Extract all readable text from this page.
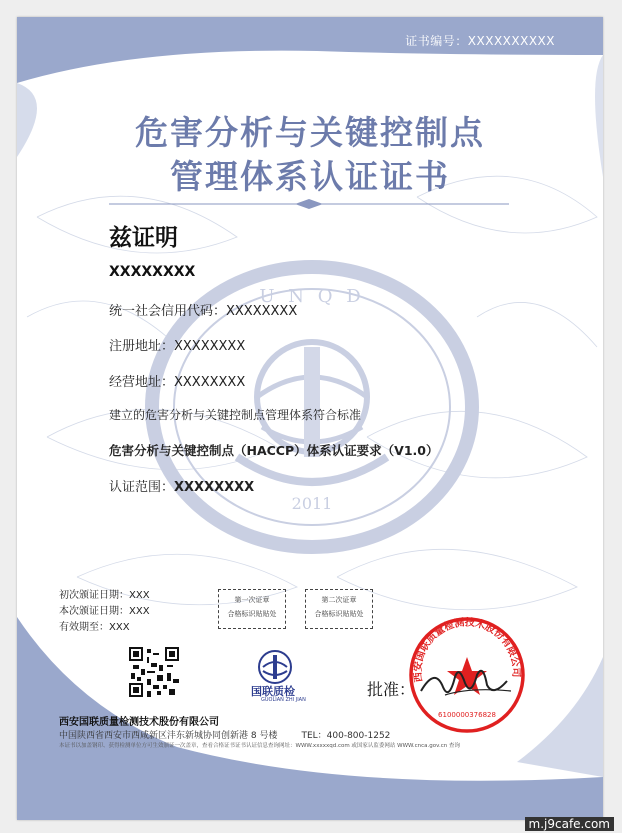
证书编号：XXXXXXXXXX
危害分析与关键控制点
管理体系认证证书
U N Q D
2011
兹证明
XXXXXXXX
统一社会信用代码：XXXXXXXX
注册地址：XXXXXXXX
经营地址：XXXXXXXX
建立的危害分析与关键控制点管理体系符合标准
危害分析与关键控制点（HACCP）体系认证要求（V1.0）
认证范围：XXXXXXXX
初次颁证日期：XXX
本次颁证日期：XXX
有效期至：XXX
第一次证章
合格标识贴贴处
第二次证章
合格标识贴贴处
国联质检
GUOLIAN ZHI JIAN
批准：
西安国联质量检测技术股份有限公司
6100000376828
西安国联质量检测技术股份有限公司
中国陕西省西安市西咸新区沣东新城协同创新港 8 号楼	TEL：400-800-1252
本证书以加盖钢印、获得检测单位方可生效颁证一次盖章，查看合格证书证书认证信息查询网址：WWW.xxxxxqd.com 或国家认监委网站 WWW.cnca.gov.cn 查询
m.j9cafe.com
